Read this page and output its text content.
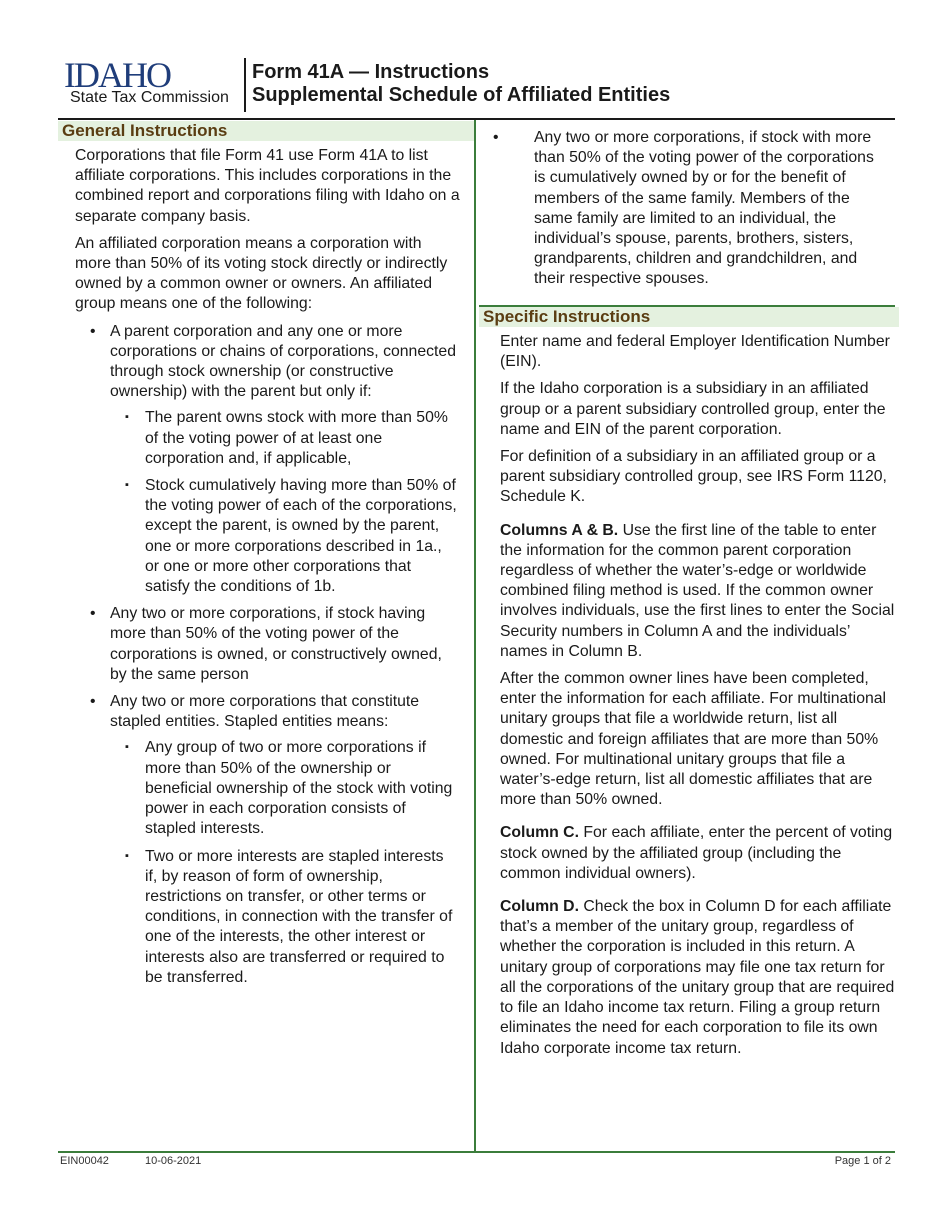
IDAHO
State Tax Commission
Form 41A — Instructions
Supplemental Schedule of Affiliated Entities
General Instructions

Corporations that file Form 41 use Form 41A to list affiliate corporations. This includes corporations in the combined report and corporations filing with Idaho on a separate company basis.

An affiliated corporation means a corporation with more than 50% of its voting stock directly or indirectly owned by a common owner or owners. An affiliated group means one of the following:

• A parent corporation and any one or more corporations or chains of corporations, connected through stock ownership (or constructive ownership) with the parent but only if:
▪ The parent owns stock with more than 50% of the voting power of at least one corporation and, if applicable,
▪ Stock cumulatively having more than 50% of the voting power of each of the corporations, except the parent, is owned by the parent, one or more corporations described in 1a., or one or more other corporations that satisfy the conditions of 1b.
• Any two or more corporations, if stock having more than 50% of the voting power of the corporations is owned, or constructively owned, by the same person
• Any two or more corporations that constitute stapled entities. Stapled entities means:
▪ Any group of two or more corporations if more than 50% of the ownership or beneficial ownership of the stock with voting power in each corporation consists of stapled interests.
▪ Two or more interests are stapled interests if, by reason of form of ownership, restrictions on transfer, or other terms or conditions, in connection with the transfer of one of the interests, the other interest or interests also are transferred or required to be transferred.
• Any two or more corporations, if stock with more than 50% of the voting power of the corporations is cumulatively owned by or for the benefit of members of the same family. Members of the same family are limited to an individual, the individual’s spouse, parents, brothers, sisters, grandparents, children and grandchildren, and their respective spouses.
Specific Instructions

Enter name and federal Employer Identification Number (EIN).

If the Idaho corporation is a subsidiary in an affiliated group or a parent subsidiary controlled group, enter the name and EIN of the parent corporation.

For definition of a subsidiary in an affiliated group or a parent subsidiary controlled group, see IRS Form 1120, Schedule K.

Columns A & B. Use the first line of the table to enter the information for the common parent corporation regardless of whether the water’s-edge or worldwide combined filing method is used. If the common owner involves individuals, use the first lines to enter the Social Security numbers in Column A and the individuals’ names in Column B.

After the common owner lines have been completed, enter the information for each affiliate. For multinational unitary groups that file a worldwide return, list all domestic and foreign affiliates that are more than 50% owned. For multinational unitary groups that file a water’s-edge return, list all domestic affiliates that are more than 50% owned.

Column C. For each affiliate, enter the percent of voting stock owned by the affiliated group (including the common individual owners).

Column D. Check the box in Column D for each affiliate that’s a member of the unitary group, regardless of whether the corporation is included in this return. A unitary group of corporations may file one tax return for all the corporations of the unitary group that are required to file an Idaho income tax return. Filing a group return eliminates the need for each corporation to file its own Idaho corporate income tax return.

EIN00042	10-06-2021	Page 1 of 2
